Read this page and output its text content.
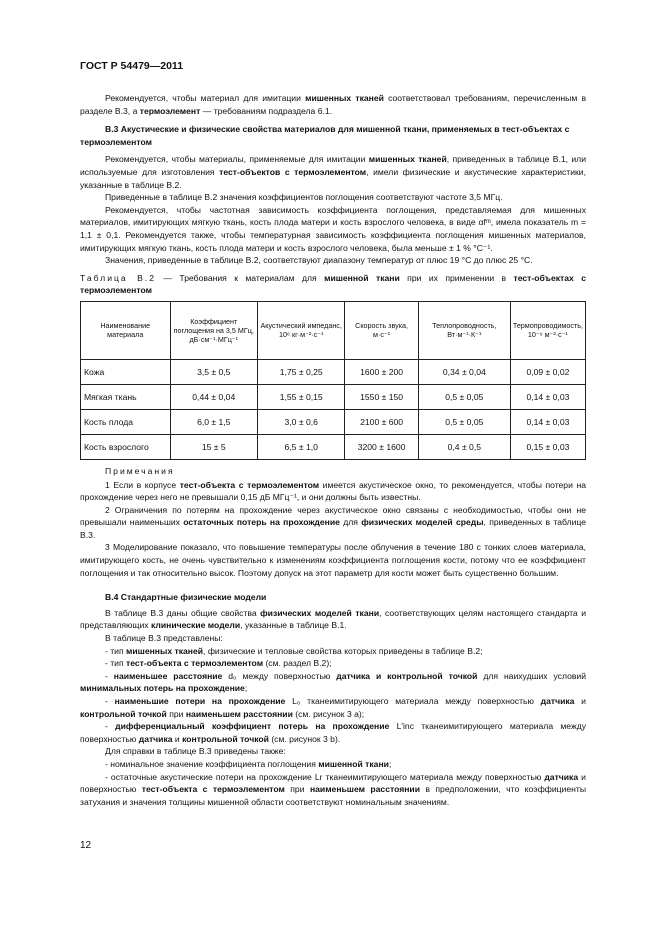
ГОСТ Р 54479—2011

Рекомендуется, чтобы материал для имитации мишенных тканей соответствовал требованиям, перечисленным в разделе В.3, а термоэлемент — требованиям подраздела 6.1.

В.3 Акустические и физические свойства материалов для мишенной ткани, применяемых в тест-объектах с термоэлементом

Рекомендуется, чтобы материалы, применяемые для имитации мишенных тканей, приведенных в таблице В.1, или используемые для изготовления тест-объектов с термоэлементом, имели физические и акустические характеристики, указанные в таблице В.2.

Приведенные в таблице В.2 значения коэффициентов поглощения соответствуют частоте 3,5 МГц.

Рекомендуется, чтобы частотная зависимость коэффициента поглощения, представляемая для мишенных материалов, имитирующих мягкую ткань, кость плода матери и кость взрослого человека, в виде αfᵐ, имела показатель m = 1,1 ± 0,1. Рекомендуется также, чтобы температурная зависимость коэффициента поглощения мишенных материалов, имитирующих мягкую ткань, кость плода матери и кость взрослого человека, была меньше ± 1 % °С⁻¹.

Значения, приведенные в таблице В.2, соответствуют диапазону температур от плюс 19 °С до плюс 25 °С.

Таблица В.2 — Требования к материалам для мишенной ткани при их применении в тест-объектах с термоэлементом

Наименование материала	Коэффициент поглощения на 3,5 МГц, дБ·см⁻¹·МГц⁻¹	Акустический импеданс, 10⁶ кг·м⁻²·с⁻¹	Скорость звука, м·с⁻¹	Теплопроводность, Вт·м⁻¹·К⁻¹	Термопроводимость, 10⁻⁶ м⁻²·с⁻¹
Кожа	3,5 ± 0,5	1,75 ± 0,25	1600 ± 200	0,34 ± 0,04	0,09 ± 0,02
Мягкая ткань	0,44 ± 0,04	1,55 ± 0,15	1550 ± 150	0,5 ± 0,05	0,14 ± 0,03
Кость плода	6,0 ± 1,5	3,0 ± 0,6	2100 ± 600	0,5 ± 0,05	0,14 ± 0,03
Кость взрослого	15 ± 5	6,5 ± 1,0	3200 ± 1600	0,4 ± 0,5	0,15 ± 0,03

Примечания

1 Если в корпусе тест-объекта с термоэлементом имеется акустическое окно, то рекомендуется, чтобы потери на прохождение через него не превышали 0,15 дБ МГц⁻¹, и они должны быть известны.

2 Ограничения по потерям на прохождение через акустическое окно связаны с необходимостью, чтобы они не превышали наименьших остаточных потерь на прохождение для физических моделей среды, приведенных в таблице В.3.

3 Моделирование показало, что повышение температуры после облучения в течение 180 с тонких слоев материала, имитирующего кость, не очень чувствительно к изменениям коэффициента поглощения кости, потому что ее коэффициент поглощения и так относительно высок. Поэтому допуск на этот параметр для кости может быть существенно большим.

В.4 Стандартные физические модели

В таблице В.3 даны общие свойства физических моделей ткани, соответствующих целям настоящего стандарта и представляющих клинические модели, указанные в таблице В.1.

В таблице В.3 представлены:

- тип мишенных тканей, физические и тепловые свойства которых приведены в таблице В.2;

- тип тест-объекта с термоэлементом (см. раздел В.2);

- наименьшее расстояние d₀ между поверхностью датчика и контрольной точкой для наихудших условий минимальных потерь на прохождение;

- наименьшие потери на прохождение L₀ тканеимитирующего материала между поверхностью датчика и контрольной точкой при наименьшем расстоянии (см. рисунок 3 а);

- дифференциальный коэффициент потерь на прохождение L'inc тканеимитирующего материала между поверхностью датчика и контрольной точкой (см. рисунок 3 b).

Для справки в таблице В.3 приведены также:

- номинальное значение коэффициента поглощения мишенной ткани;

- остаточные акустические потери на прохождение Lr тканеимитирующего материала между поверхностью датчика и поверхностью тест-объекта с термоэлементом при наименьшем расстоянии в предположении, что коэффициенты затухания и значения толщины мишенной области соответствуют номинальным значениям.

12
